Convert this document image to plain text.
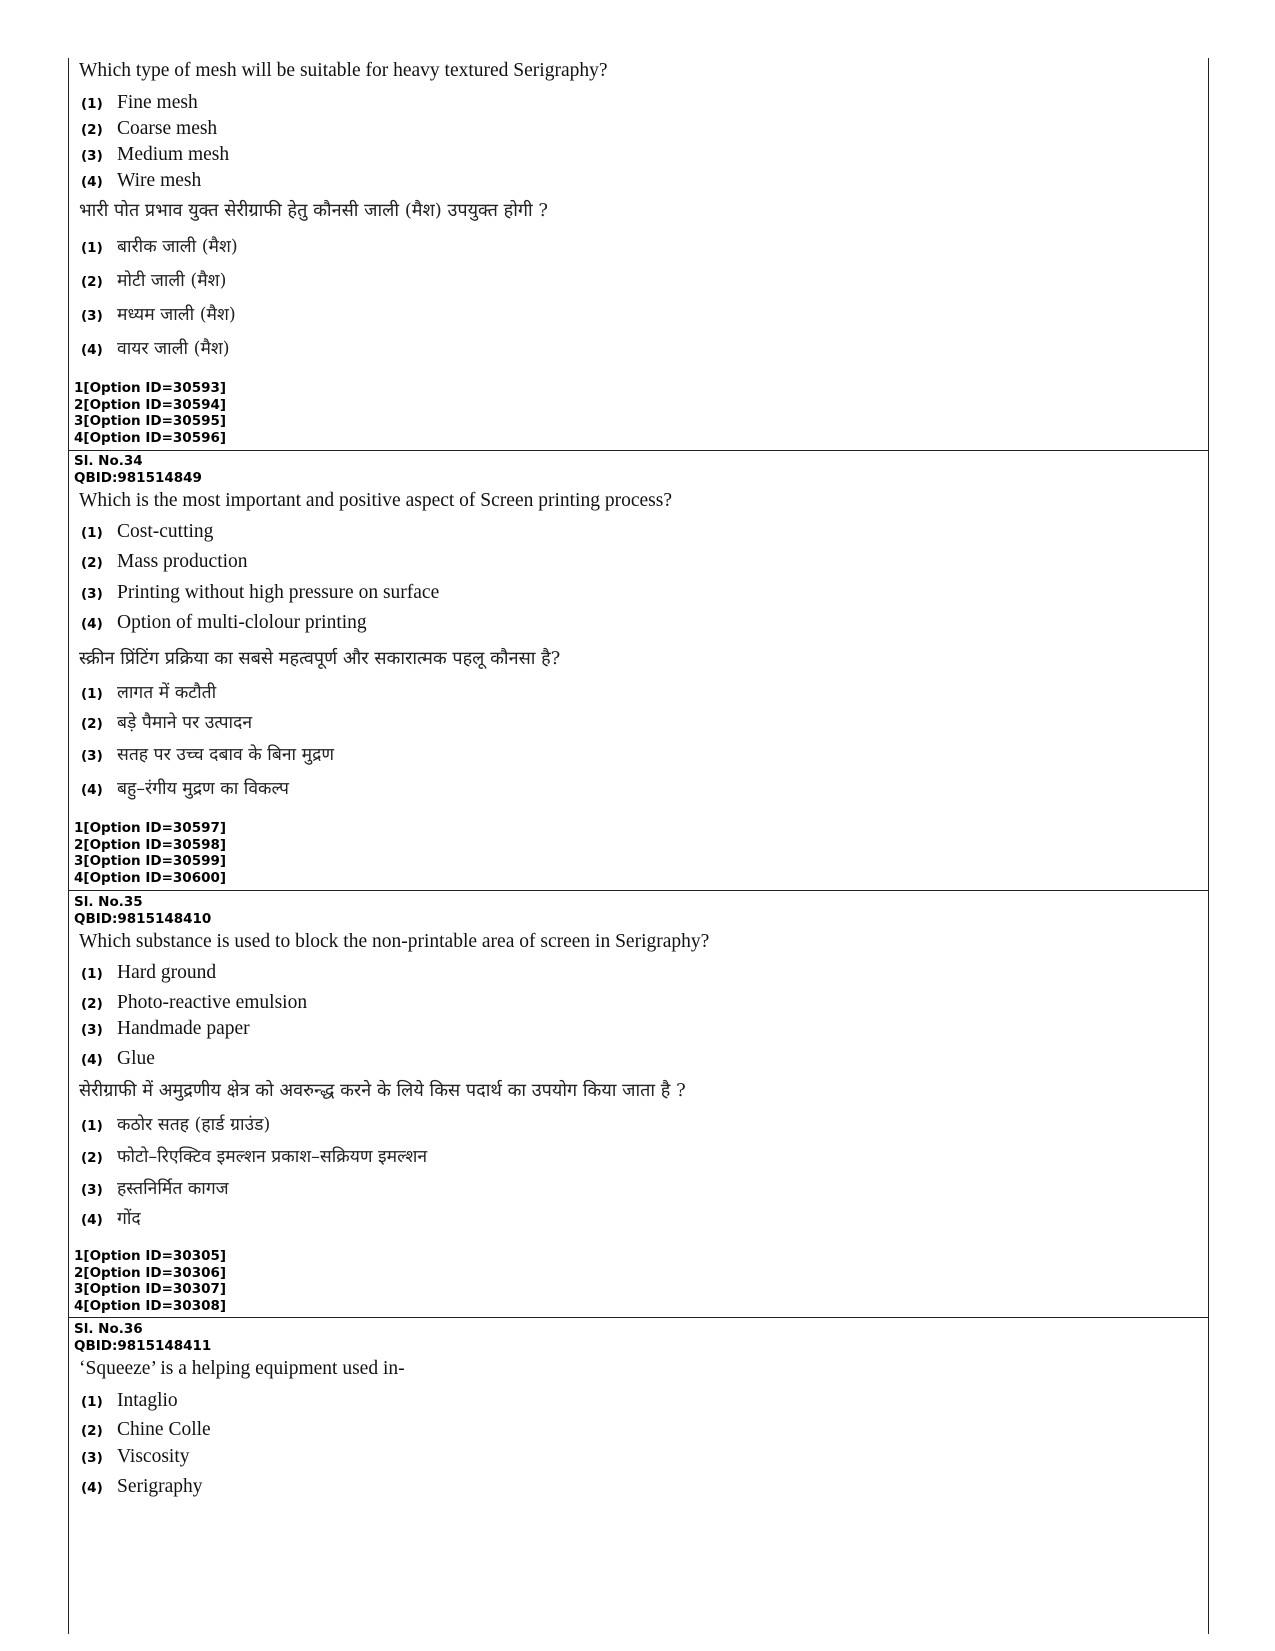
Which type of mesh will be suitable for heavy textured Serigraphy?
(1) Fine mesh
(2) Coarse mesh
(3) Medium mesh
(4) Wire mesh
भारी पोत प्रभाव युक्त सेरीग्राफी हेतु कौनसी जाली (मैश) उपयुक्त होगी ?
(1) बारीक जाली (मैश)
(2) मोटी जाली (मैश)
(3) मध्यम जाली (मैश)
(4) वायर जाली (मैश)
1[Option ID=30593]
2[Option ID=30594]
3[Option ID=30595]
4[Option ID=30596]
Sl. No.34
QBID:981514849
Which is the most important and positive aspect of Screen printing process?
(1) Cost-cutting
(2) Mass production
(3) Printing without high pressure on surface
(4) Option of multi-clolour printing
स्क्रीन प्रिंटिंग प्रक्रिया का सबसे महत्वपूर्ण और सकारात्मक पहलू कौनसा है?
(1) लागत में कटौती
(2) बड़े पैमाने पर उत्पादन
(3) सतह पर उच्च दबाव के बिना मुद्रण
(4) बहु–रंगीय मुद्रण का विकल्प
1[Option ID=30597]
2[Option ID=30598]
3[Option ID=30599]
4[Option ID=30600]
Sl. No.35
QBID:9815148410
Which substance is used to block the non-printable area of screen in Serigraphy?
(1) Hard ground
(2) Photo-reactive emulsion
(3) Handmade paper
(4) Glue
सेरीग्राफी में अमुद्रणीय क्षेत्र को अवरुन्द्ध करने के लिये किस पदार्थ का उपयोग किया जाता है ?
(1) कठोर सतह (हार्ड ग्राउंड)
(2) फोटो–रिएक्टिव इमल्शन प्रकाश–सक्रियण इमल्शन
(3) हस्तनिर्मित कागज
(4) गोंद
1[Option ID=30305]
2[Option ID=30306]
3[Option ID=30307]
4[Option ID=30308]
Sl. No.36
QBID:9815148411
‘Squeeze’ is a helping equipment used in-
(1) Intaglio
(2) Chine Colle
(3) Viscosity
(4) Serigraphy
